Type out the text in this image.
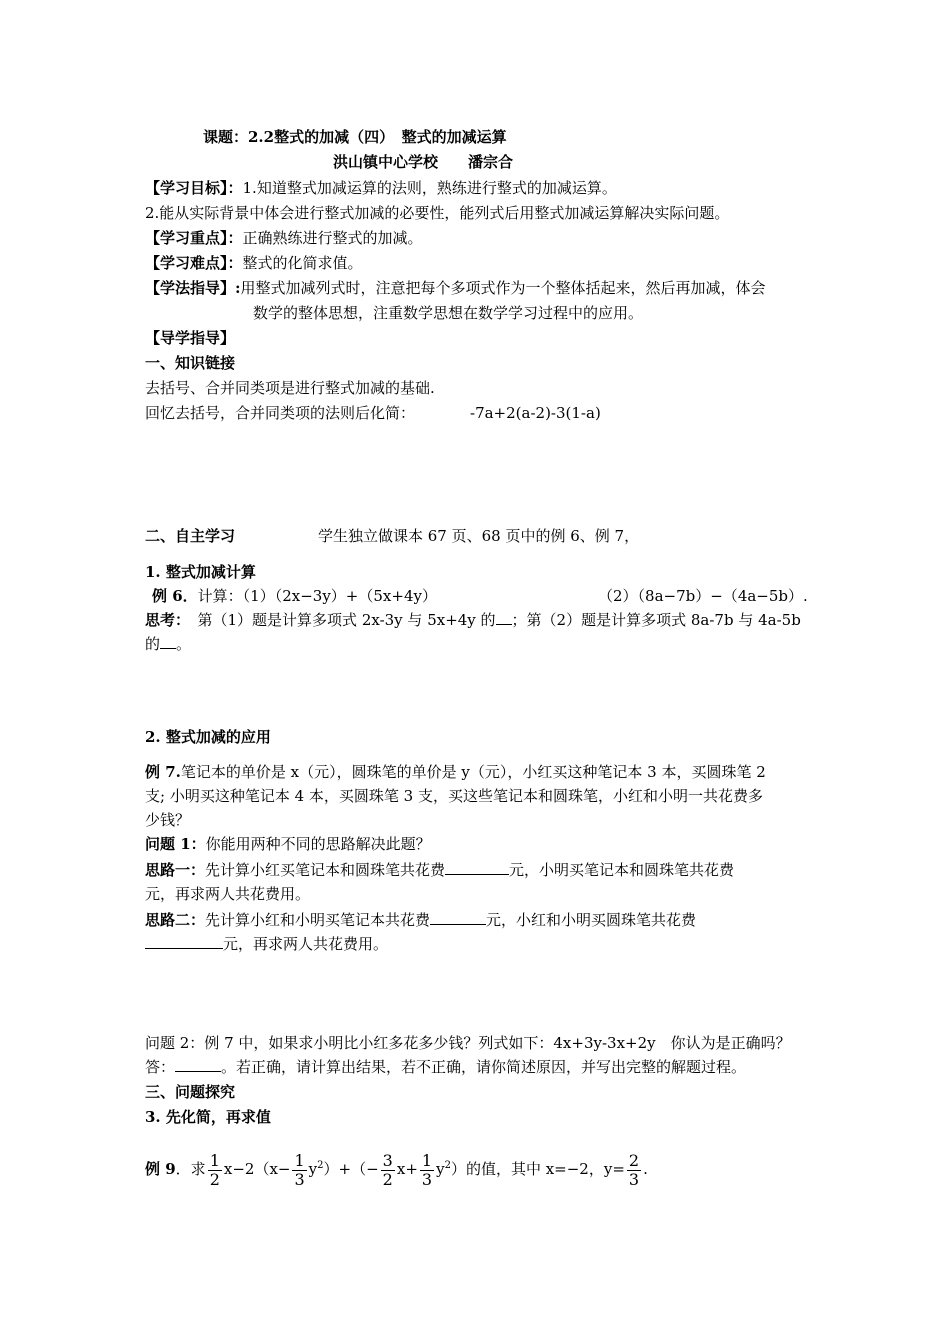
课题：2.2整式的加减（四）　整式的加减运算
洪山镇中心学校　　潘宗合
【学习目标】：1.知道整式加减运算的法则，熟练进行整式的加减运算。
2.能从实际背景中体会进行整式加减的必要性，能列式后用整式加减运算解决实际问题。
【学习重点】：正确熟练进行整式的加减。
【学习难点】：整式的化简求值。
【学法指导】:用整式加减列式时，注意把每个多项式作为一个整体括起来，然后再加减，体会
数学的整体思想，注重数学思想在数学学习过程中的应用。
【导学指导】
一、知识链接
去括号、合并同类项是进行整式加减的基础.
回忆去括号，合并同类项的法则后化简：	-7a+2(a-2)-3(1-a)
二、自主学习	学生独立做课本 67 页、68 页中的例 6、例 7，
1. 整式加减计算
例 6．计算：（1）（2x−3y）+（5x+4y）	（2）（8a−7b）−（4a−5b）.
思考：　第（1）题是计算多项式 2x-3y 与 5x+4y 的 ；第（2）题是计算多项式 8a-7b 与 4a-5b
的 。
2. 整式加减的应用
例 7.笔记本的单价是 x（元），圆珠笔的单价是 y（元），小红买这种笔记本 3 本，买圆珠笔 2
支; 小明买这种笔记本 4 本，买圆珠笔 3 支，买这些笔记本和圆珠笔，小红和小明一共花费多
少钱？
问题 1：你能用两种不同的思路解决此题？
思路一：先计算小红买笔记本和圆珠笔共花费	元，小明买笔记本和圆珠笔共花费
元，再求两人共花费用。
思路二：先计算小红和小明买笔记本共花费	元，小红和小明买圆珠笔共花费
元，再求两人共花费用。
问题 2：例 7 中，如果求小明比小红多花多少钱？列式如下：4x+3y-3x+2y　你认为是正确吗？
答：	。若正确，请计算出结果，若不正确，请你简述原因，并写出完整的解题过程。
三、问题探究
3. 先化简，再求值
例 9．求 $\frac{1}{2} x-2(x- \frac{1}{3} y^2)+(- \frac{3}{2} x+ \frac{1}{3} y^2)$的值，其中 x=−2，$y= \frac{2}{3}$ .
